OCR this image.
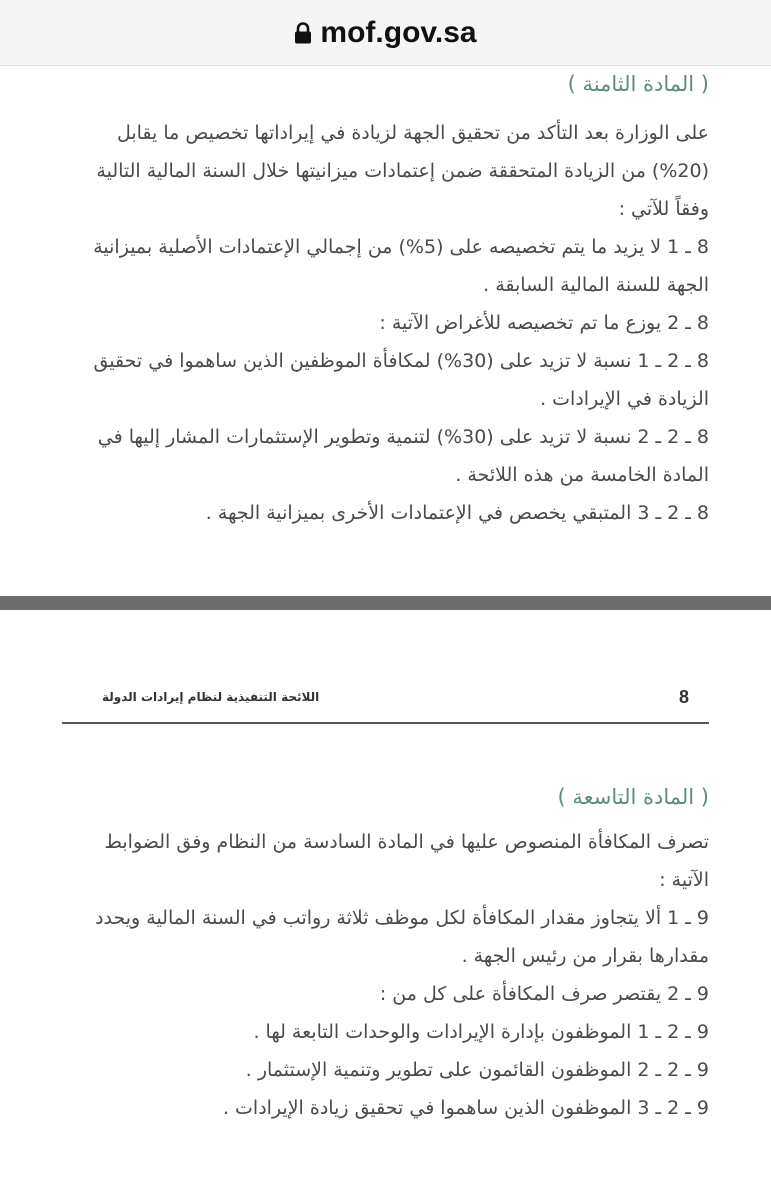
mof.gov.sa

( المادة الثامنة )

على الوزارة بعد التأكد من تحقيق الجهة لزيادة في إيراداتها تخصيص ما يقابل (20%) من الزيادة المتحققة ضمن إعتمادات ميزانيتها خلال السنة المالية التالية وفقاً للآتي :

8 ـ 1 لا يزيد ما يتم تخصيصه على (5%) من إجمالي الإعتمادات الأصلية بميزانية الجهة للسنة المالية السابقة .

8 ـ 2 يوزع ما تم تخصيصه للأغراض الآتية :

8 ـ 2 ـ 1 نسبة لا تزيد على (30%) لمكافأة الموظفين الذين ساهموا في تحقيق الزيادة في الإيرادات .

8 ـ 2 ـ 2 نسبة لا تزيد على (30%) لتنمية وتطوير الإستثمارات المشار إليها في المادة الخامسة من هذه اللائحة .

8 ـ 2 ـ 3 المتبقي يخصص في الإعتمادات الأخرى بميزانية الجهة .

8
اللائحة التنفيذية لنظام إيرادات الدولة

( المادة التاسعة )

تصرف المكافأة المنصوص عليها في المادة السادسة من النظام وفق الضوابط الآتية :

9 ـ 1 ألا يتجاوز مقدار المكافأة لكل موظف ثلاثة رواتب في السنة المالية ويحدد مقدارها بقرار من رئيس الجهة .

9 ـ 2 يقتصر صرف المكافأة على كل من :

9 ـ 2 ـ 1 الموظفون بإدارة الإيرادات والوحدات التابعة لها .

9 ـ 2 ـ 2 الموظفون القائمون على تطوير وتنمية الإستثمار .

9 ـ 2 ـ 3 الموظفون الذين ساهموا في تحقيق زيادة الإيرادات .
